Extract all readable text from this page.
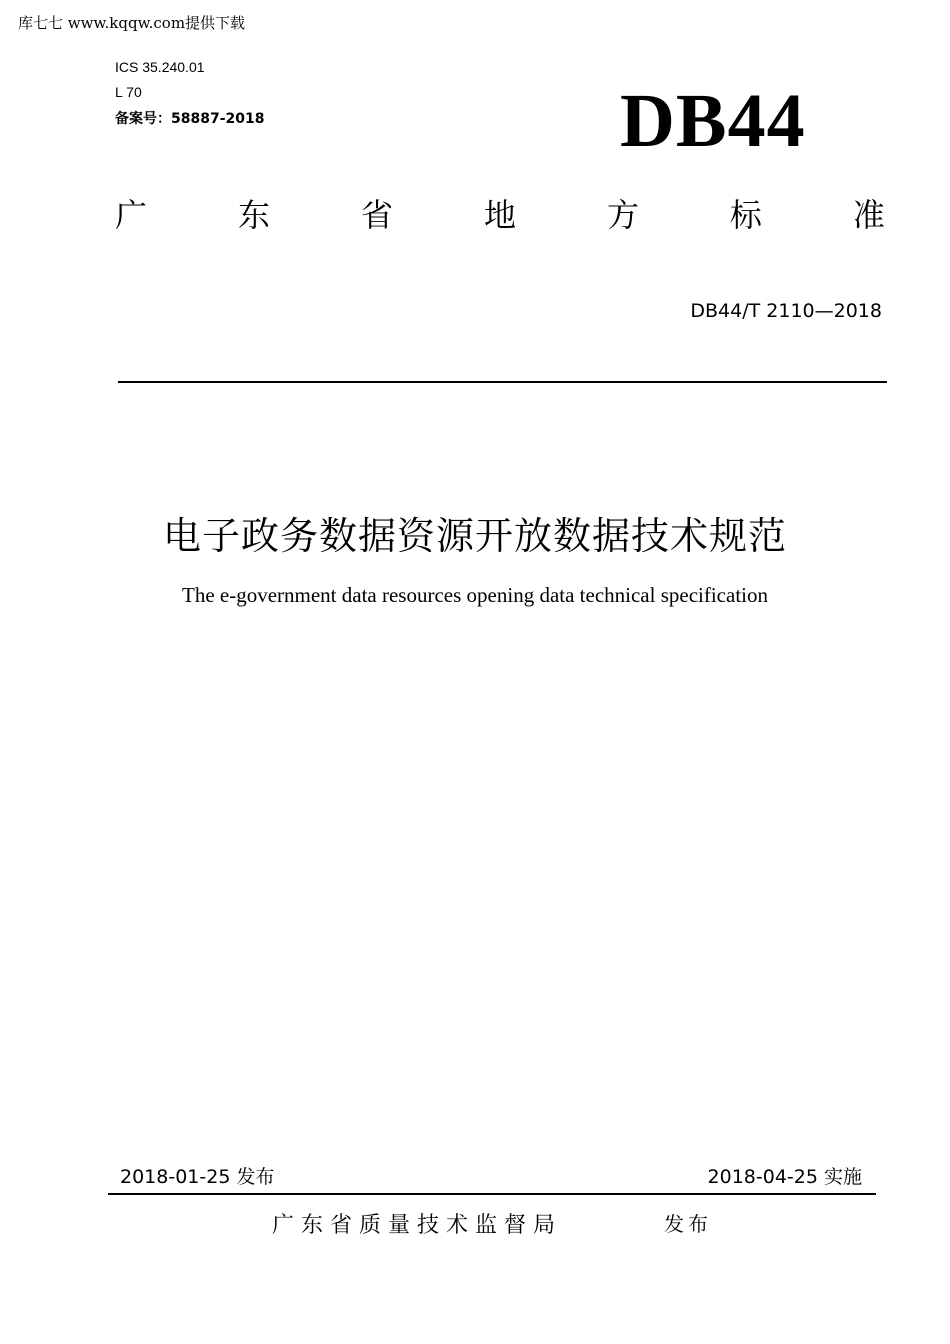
库七七 www.kqqw.com提供下载
ICS 35.240.01
L 70
备案号：58887-2018	DB44
广	东	省	地	方	标	准
DB44/T 2110—2018
电子政务数据资源开放数据技术规范
The e-government data resources opening data technical specification
2018-01-25 发布	2018-04-25 实施
广东省质量技术监督局	发布
